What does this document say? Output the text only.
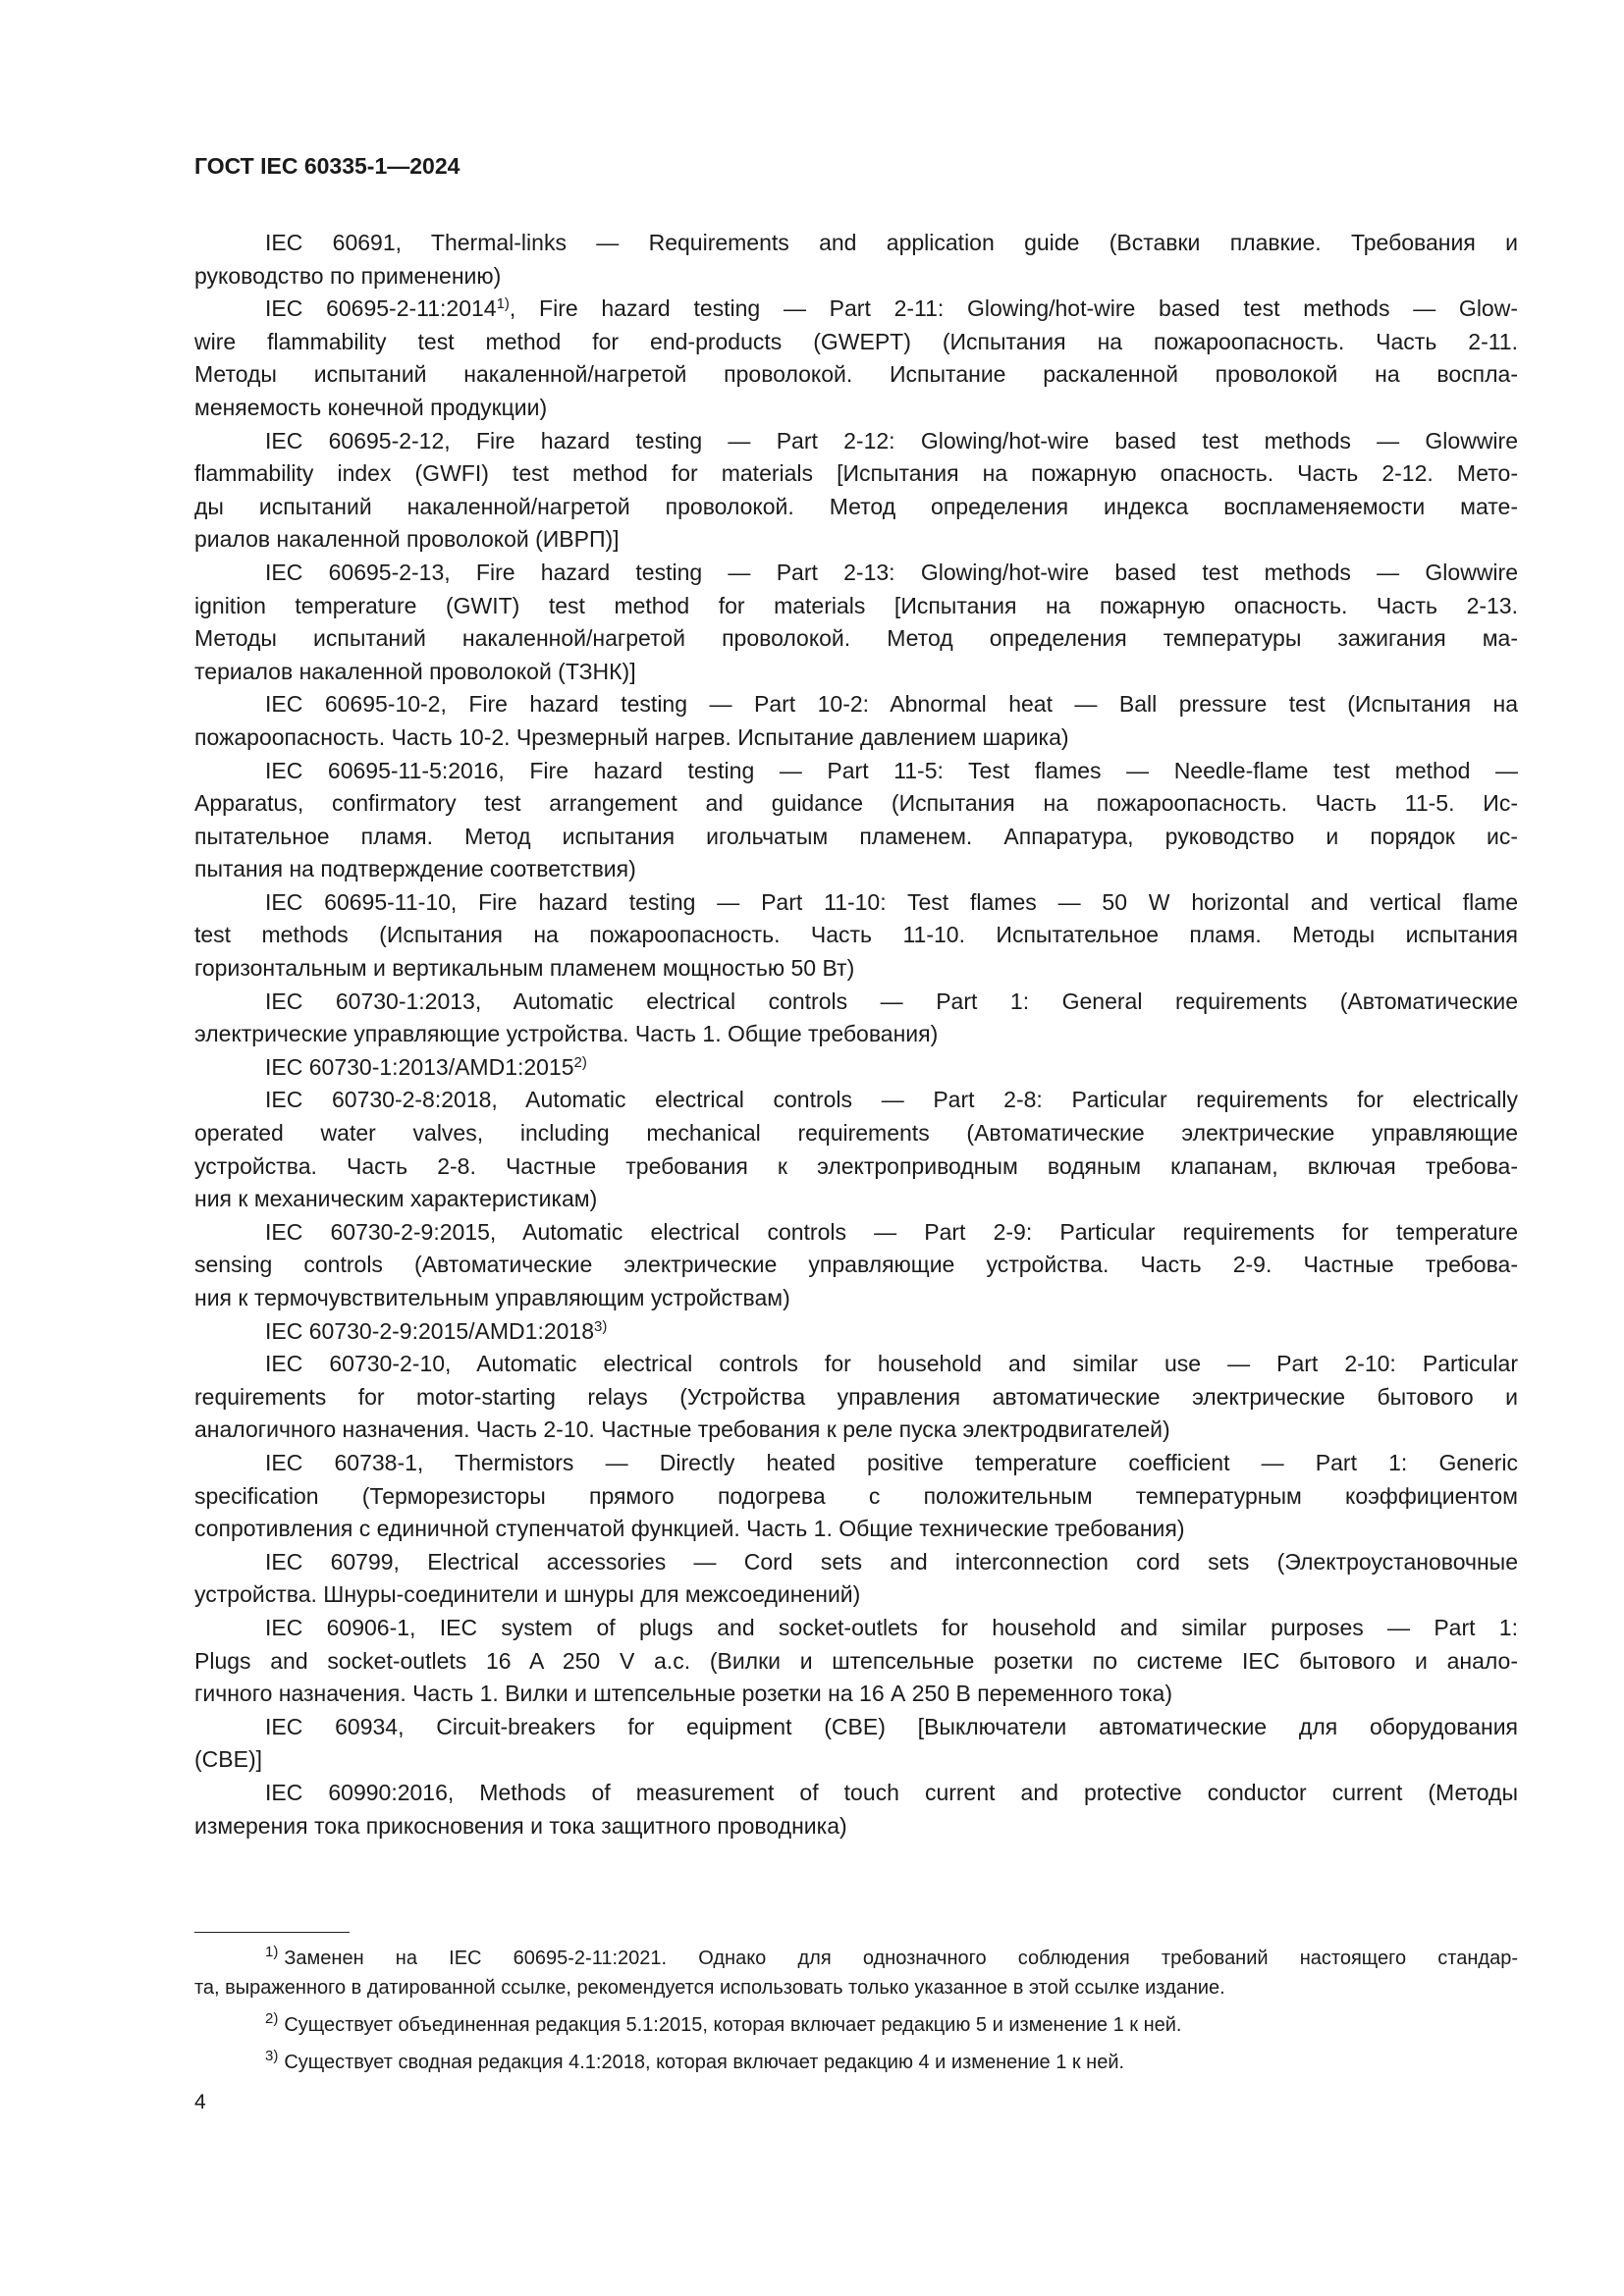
ГОСТ IEC 60335-1—2024
IEC 60691, Thermal-links — Requirements and application guide (Вставки плавкие. Требования и
руководство по применению)
IEC 60695-2-11:2014$^{1)}$, Fire hazard testing — Part 2-11: Glowing/hot-wire based test methods — Glow-
wire flammability test method for end-products (GWEPT) (Испытания на пожароопасность. Часть 2-11.
Методы испытаний накаленной/нагретой проволокой. Испытание раскаленной проволокой на воспла-
меняемость конечной продукции)
IEC 60695-2-12, Fire hazard testing — Part 2-12: Glowing/hot-wire based test methods — Glowwire
flammability index (GWFI) test method for materials [Испытания на пожарную опасность. Часть 2-12. Мето-
ды испытаний накаленной/нагретой проволокой. Метод определения индекса воспламеняемости мате-
риалов накаленной проволокой (ИВРП)]
IEC 60695-2-13, Fire hazard testing — Part 2-13: Glowing/hot-wire based test methods — Glowwire
ignition temperature (GWIT) test method for materials [Испытания на пожарную опасность. Часть 2-13.
Методы испытаний накаленной/нагретой проволокой. Метод определения температуры зажигания ма-
териалов накаленной проволокой (ТЗНК)]
IEC 60695-10-2, Fire hazard testing — Part 10-2: Abnormal heat — Ball pressure test (Испытания на
пожароопасность. Часть 10-2. Чрезмерный нагрев. Испытание давлением шарика)
IEC 60695-11-5:2016, Fire hazard testing — Part 11-5: Test flames — Needle-flame test method —
Apparatus, confirmatory test arrangement and guidance (Испытания на пожароопасность. Часть 11-5. Ис-
пытательное пламя. Метод испытания игольчатым пламенем. Аппаратура, руководство и порядок ис-
пытания на подтверждение соответствия)
IEC 60695-11-10, Fire hazard testing — Part 11-10: Test flames — 50 W horizontal and vertical flame
test methods (Испытания на пожароопасность. Часть 11-10. Испытательное пламя. Методы испытания
горизонтальным и вертикальным пламенем мощностью 50 Вт)
IEC 60730-1:2013, Automatic electrical controls — Part 1: General requirements (Автоматические
электрические управляющие устройства. Часть 1. Общие требования)
IEC 60730-1:2013/AMD1:2015$^{2)}$
IEC 60730-2-8:2018, Automatic electrical controls — Part 2-8: Particular requirements for electrically
operated water valves, including mechanical requirements (Автоматические электрические управляющие
устройства. Часть 2-8. Частные требования к электроприводным водяным клапанам, включая требова-
ния к механическим характеристикам)
IEC 60730-2-9:2015, Automatic electrical controls — Part 2-9: Particular requirements for temperature
sensing controls (Автоматические электрические управляющие устройства. Часть 2-9. Частные требова-
ния к термочувствительным управляющим устройствам)
IEC 60730-2-9:2015/AMD1:2018$^{3)}$
IEC 60730-2-10, Automatic electrical controls for household and similar use — Part 2-10: Particular
requirements for motor-starting relays (Устройства управления автоматические электрические бытового и
аналогичного назначения. Часть 2-10. Частные требования к реле пуска электродвигателей)
IEC 60738-1, Thermistors — Directly heated positive temperature coefficient — Part 1: Generic
specification (Терморезисторы прямого подогрева с положительным температурным коэффициентом
сопротивления с единичной ступенчатой функцией. Часть 1. Общие технические требования)
IEC 60799, Electrical accessories — Cord sets and interconnection cord sets (Электроустановочные
устройства. Шнуры-соединители и шнуры для межсоединений)
IEC 60906-1, IEC system of plugs and socket-outlets for household and similar purposes — Part 1:
Plugs and socket-outlets 16 A 250 V a.c. (Вилки и штепсельные розетки по системе IEC бытового и анало-
гичного назначения. Часть 1. Вилки и штепсельные розетки на 16 А 250 В переменного тока)
IEC 60934, Circuit-breakers for equipment (CBE) [Выключатели автоматические для оборудования
(CBE)]
IEC 60990:2016, Methods of measurement of touch current and protective conductor current (Методы
измерения тока прикосновения и тока защитного проводника)
$^{1)}$ Заменен на IEC 60695-2-11:2021. Однако для однозначного соблюдения требований настоящего стандар-
та, выраженного в датированной ссылке, рекомендуется использовать только указанное в этой ссылке издание.
$^{2)}$ Существует объединенная редакция 5.1:2015, которая включает редакцию 5 и изменение 1 к ней.
$^{3)}$ Существует сводная редакция 4.1:2018, которая включает редакцию 4 и изменение 1 к ней.
4
